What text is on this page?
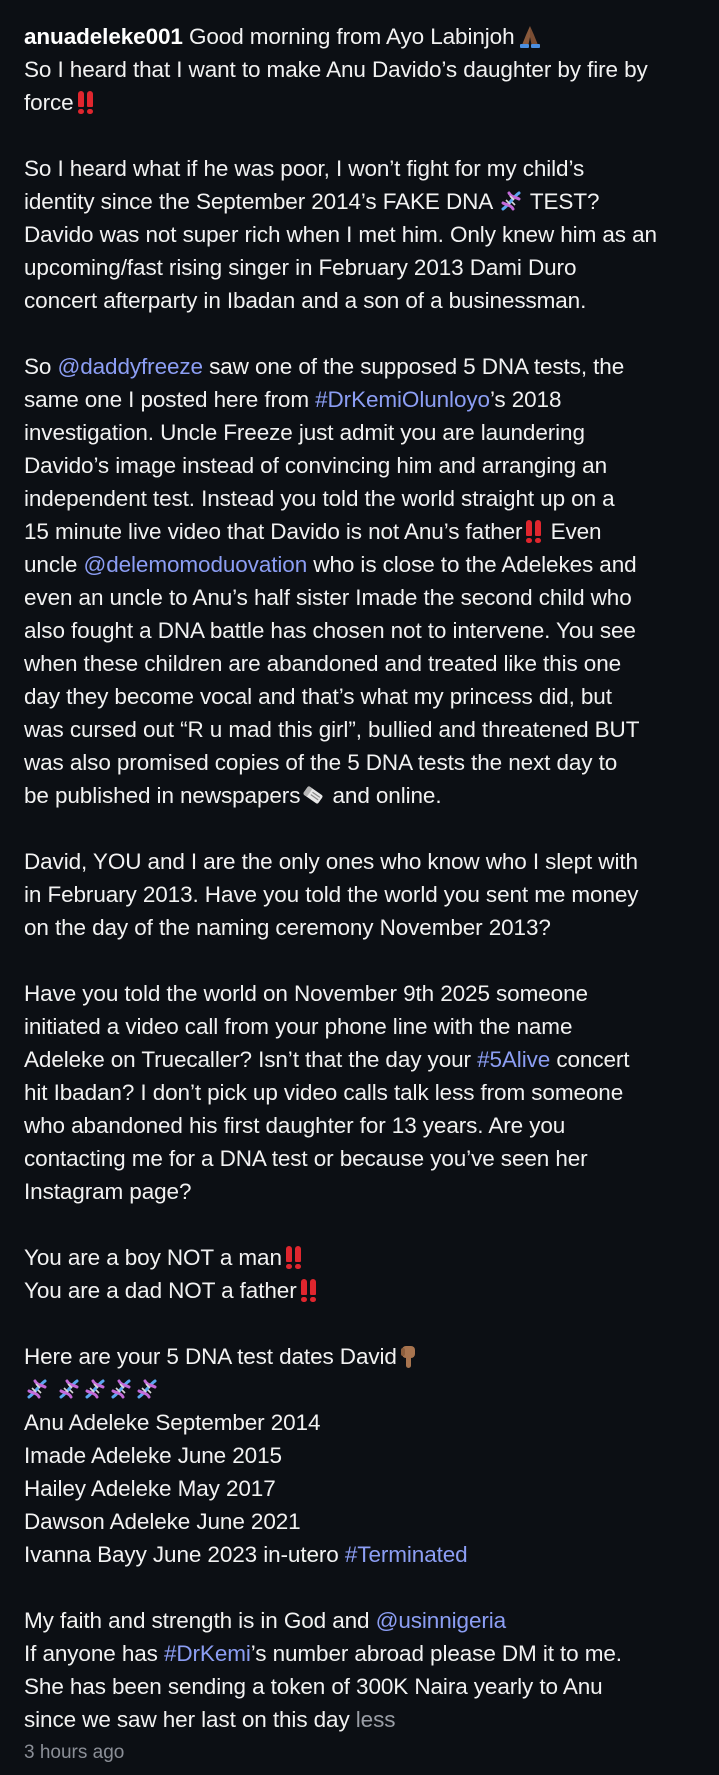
anuadeleke001 Good morning from Ayo Labinjoh
So I heard that I want to make Anu Davido’s daughter by fire by
force
So I heard what if he was poor, I won’t fight for my child’s
identity since the September 2014’s FAKE DNA  TEST?
Davido was not super rich when I met him. Only knew him as an
upcoming/fast rising singer in February 2013 Dami Duro
concert afterparty in Ibadan and a son of a businessman.
So @daddyfreeze saw one of the supposed 5 DNA tests, the
same one I posted here from #DrKemiOlunloyo’s 2018
investigation. Uncle Freeze just admit you are laundering
Davido’s image instead of convincing him and arranging an
independent test. Instead you told the world straight up on a
15 minute live video that Davido is not Anu’s father
Even
uncle @delemomoduovation who is close to the Adelekes and
even an uncle to Anu’s half sister Imade the second child who
also fought a DNA battle has chosen not to intervene. You see
when these children are abandoned and treated like this one
day they become vocal and that’s what my princess did, but
was cursed out “R u mad this girl”, bullied and threatened BUT
was also promised copies of the 5 DNA tests the next day to
be published in newspapers and online.
David, YOU and I are the only ones who know who I slept with
in February 2013. Have you told the world you sent me money
on the day of the naming ceremony November 2013?
Have you told the world on November 9th 2025 someone
initiated a video call from your phone line with the name
Adeleke on Truecaller? Isn’t that the day your #5Alive concert
hit Ibadan? I don’t pick up video calls talk less from someone
who abandoned his first daughter for 13 years. Are you
contacting me for a DNA test or because you’ve seen her
Instagram page?
You are a boy NOT a man
You are a dad NOT a father
Here are your 5 DNA test dates David
Anu Adeleke September 2014
Imade Adeleke June 2015
Hailey Adeleke May 2017
Dawson Adeleke June 2021
Ivanna Bayy June 2023 in-utero #Terminated
My faith and strength is in God and @usinnigeria
If anyone has #DrKemi’s number abroad please DM it to me.
She has been sending a token of 300K Naira yearly to Anu
since we saw her last on this day less
3 hours ago
